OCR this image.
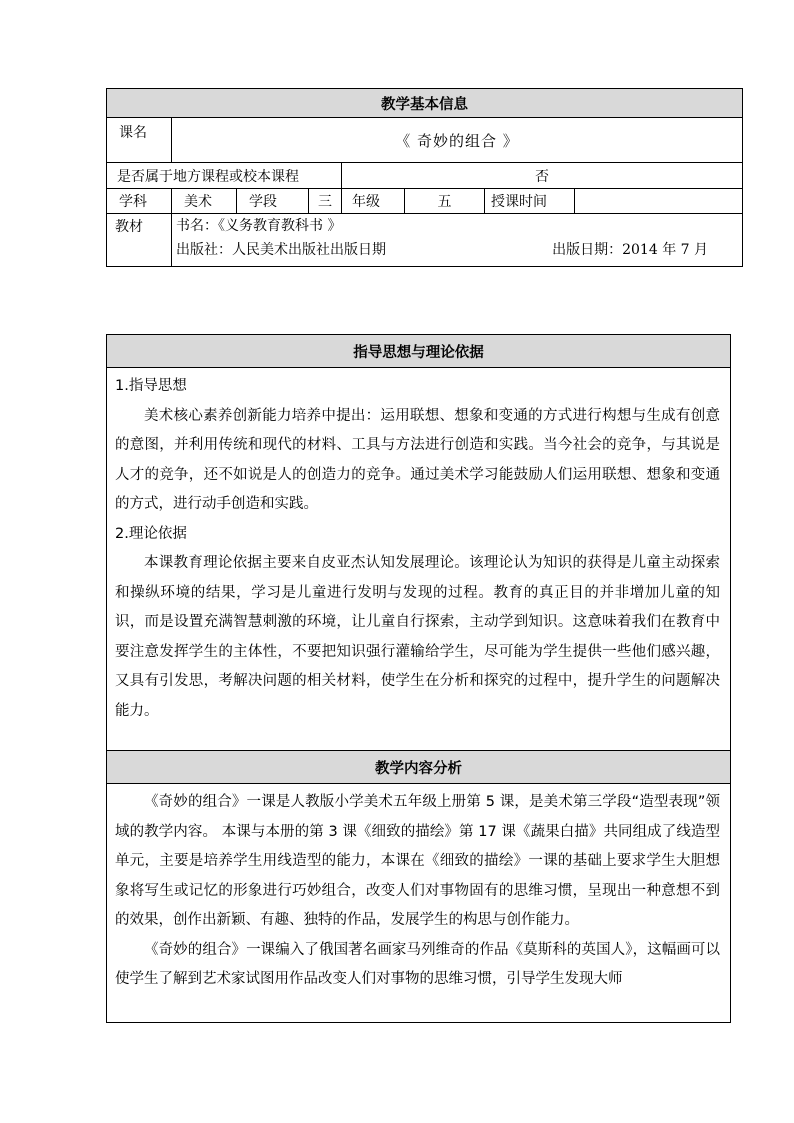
教学基本信息							
课名	《 奇妙的组合 》						
是否属于地方课程或校本课程				否			
学科	美术	学段	三	年级	五	授课时间	
教材	书名：《义务教育教科书 》
出版社：人民美术出版社出版日期 出版日期：2014 年 7 月						
指导思想与理论依据

1.指导思想

美术核心素养创新能力培养中提出：运用联想、想象和变通的方式进行构想与生成有创意的意图，并利用传统和现代的材料、工具与方法进行创造和实践。当今社会的竞争，与其说是人才的竞争，还不如说是人的创造力的竞争。通过美术学习能鼓励人们运用联想、想象和变通的方式，进行动手创造和实践。

2.理论依据

本课教育理论依据主要来自皮亚杰认知发展理论。该理论认为知识的获得是儿童主动探索和操纵环境的结果，学习是儿童进行发明与发现的过程。教育的真正目的并非增加儿童的知识，而是设置充满智慧刺激的环境，让儿童自行探索，主动学到知识。这意味着我们在教育中要注意发挥学生的主体性，不要把知识强行灌输给学生，尽可能为学生提供一些他们感兴趣，又具有引发思，考解决问题的相关材料，使学生在分析和探究的过程中，提升学生的问题解决能力。

教学内容分析

《奇妙的组合》一课是人教版小学美术五年级上册第 5 课，是美术第三学段“造型表现”领域的教学内容。 本课与本册的第 3 课《细致的描绘》第 17 课《蔬果白描》共同组成了线造型单元，主要是培养学生用线造型的能力，本课在《细致的描绘》一课的基础上要求学生大胆想象将写生或记忆的形象进行巧妙组合，改变人们对事物固有的思维习惯，呈现出一种意想不到的效果，创作出新颖、有趣、独特的作品，发展学生的构思与创作能力。

《奇妙的组合》一课编入了俄国著名画家马列维奇的作品《莫斯科的英国人》，这幅画可以使学生了解到艺术家试图用作品改变人们对事物的思维习惯，引导学生发现大师
